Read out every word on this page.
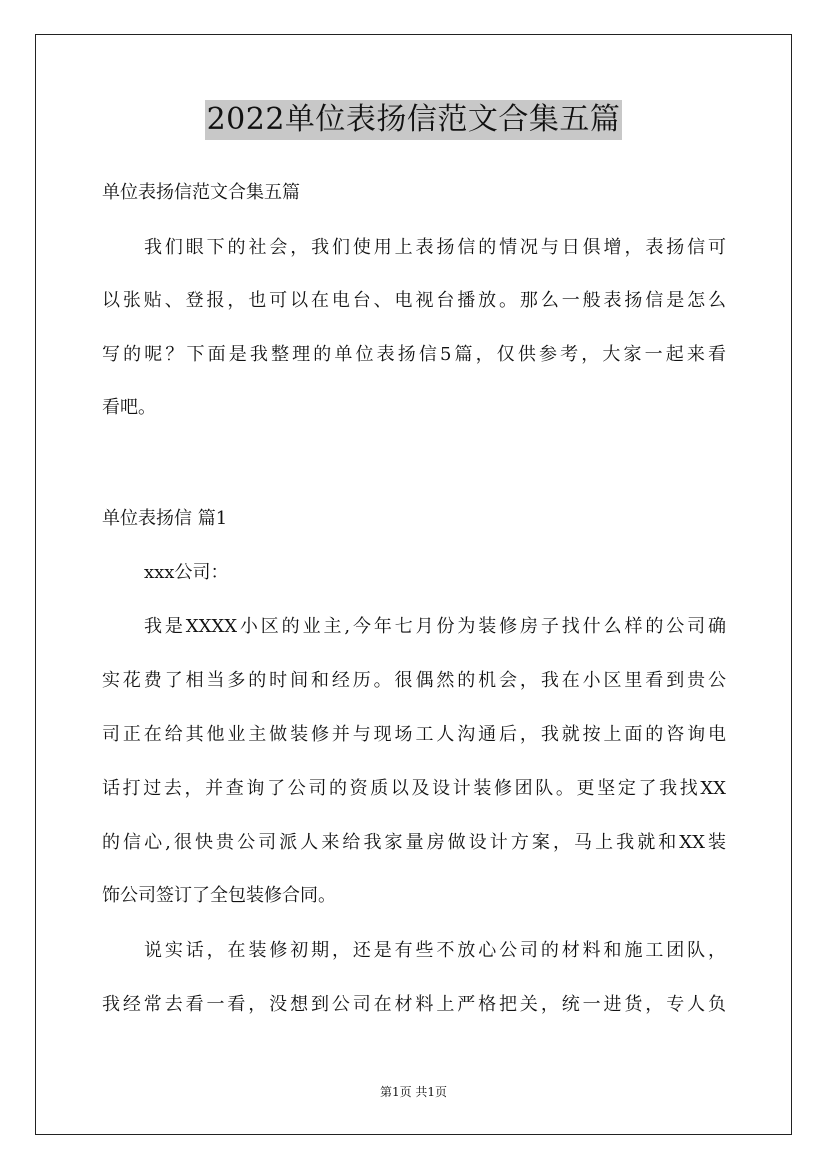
2022单位表扬信范文合集五篇
单位表扬信范文合集五篇
我们眼下的社会，我们使用上表扬信的情况与日俱增，表扬信可
以张贴、登报，也可以在电台、电视台播放。那么一般表扬信是怎么
写的呢？下面是我整理的单位表扬信5篇，仅供参考，大家一起来看
看吧。
单位表扬信 篇1
xxx公司：
我是XXXX小区的业主,今年七月份为装修房子找什么样的公司确
实花费了相当多的时间和经历。很偶然的机会，我在小区里看到贵公
司正在给其他业主做装修并与现场工人沟通后，我就按上面的咨询电
话打过去，并查询了公司的资质以及设计装修团队。更坚定了我找XX
的信心,很快贵公司派人来给我家量房做设计方案，马上我就和XX装
饰公司签订了全包装修合同。
说实话，在装修初期，还是有些不放心公司的材料和施工团队，
我经常去看一看，没想到公司在材料上严格把关，统一进货，专人负
第1页 共1页
